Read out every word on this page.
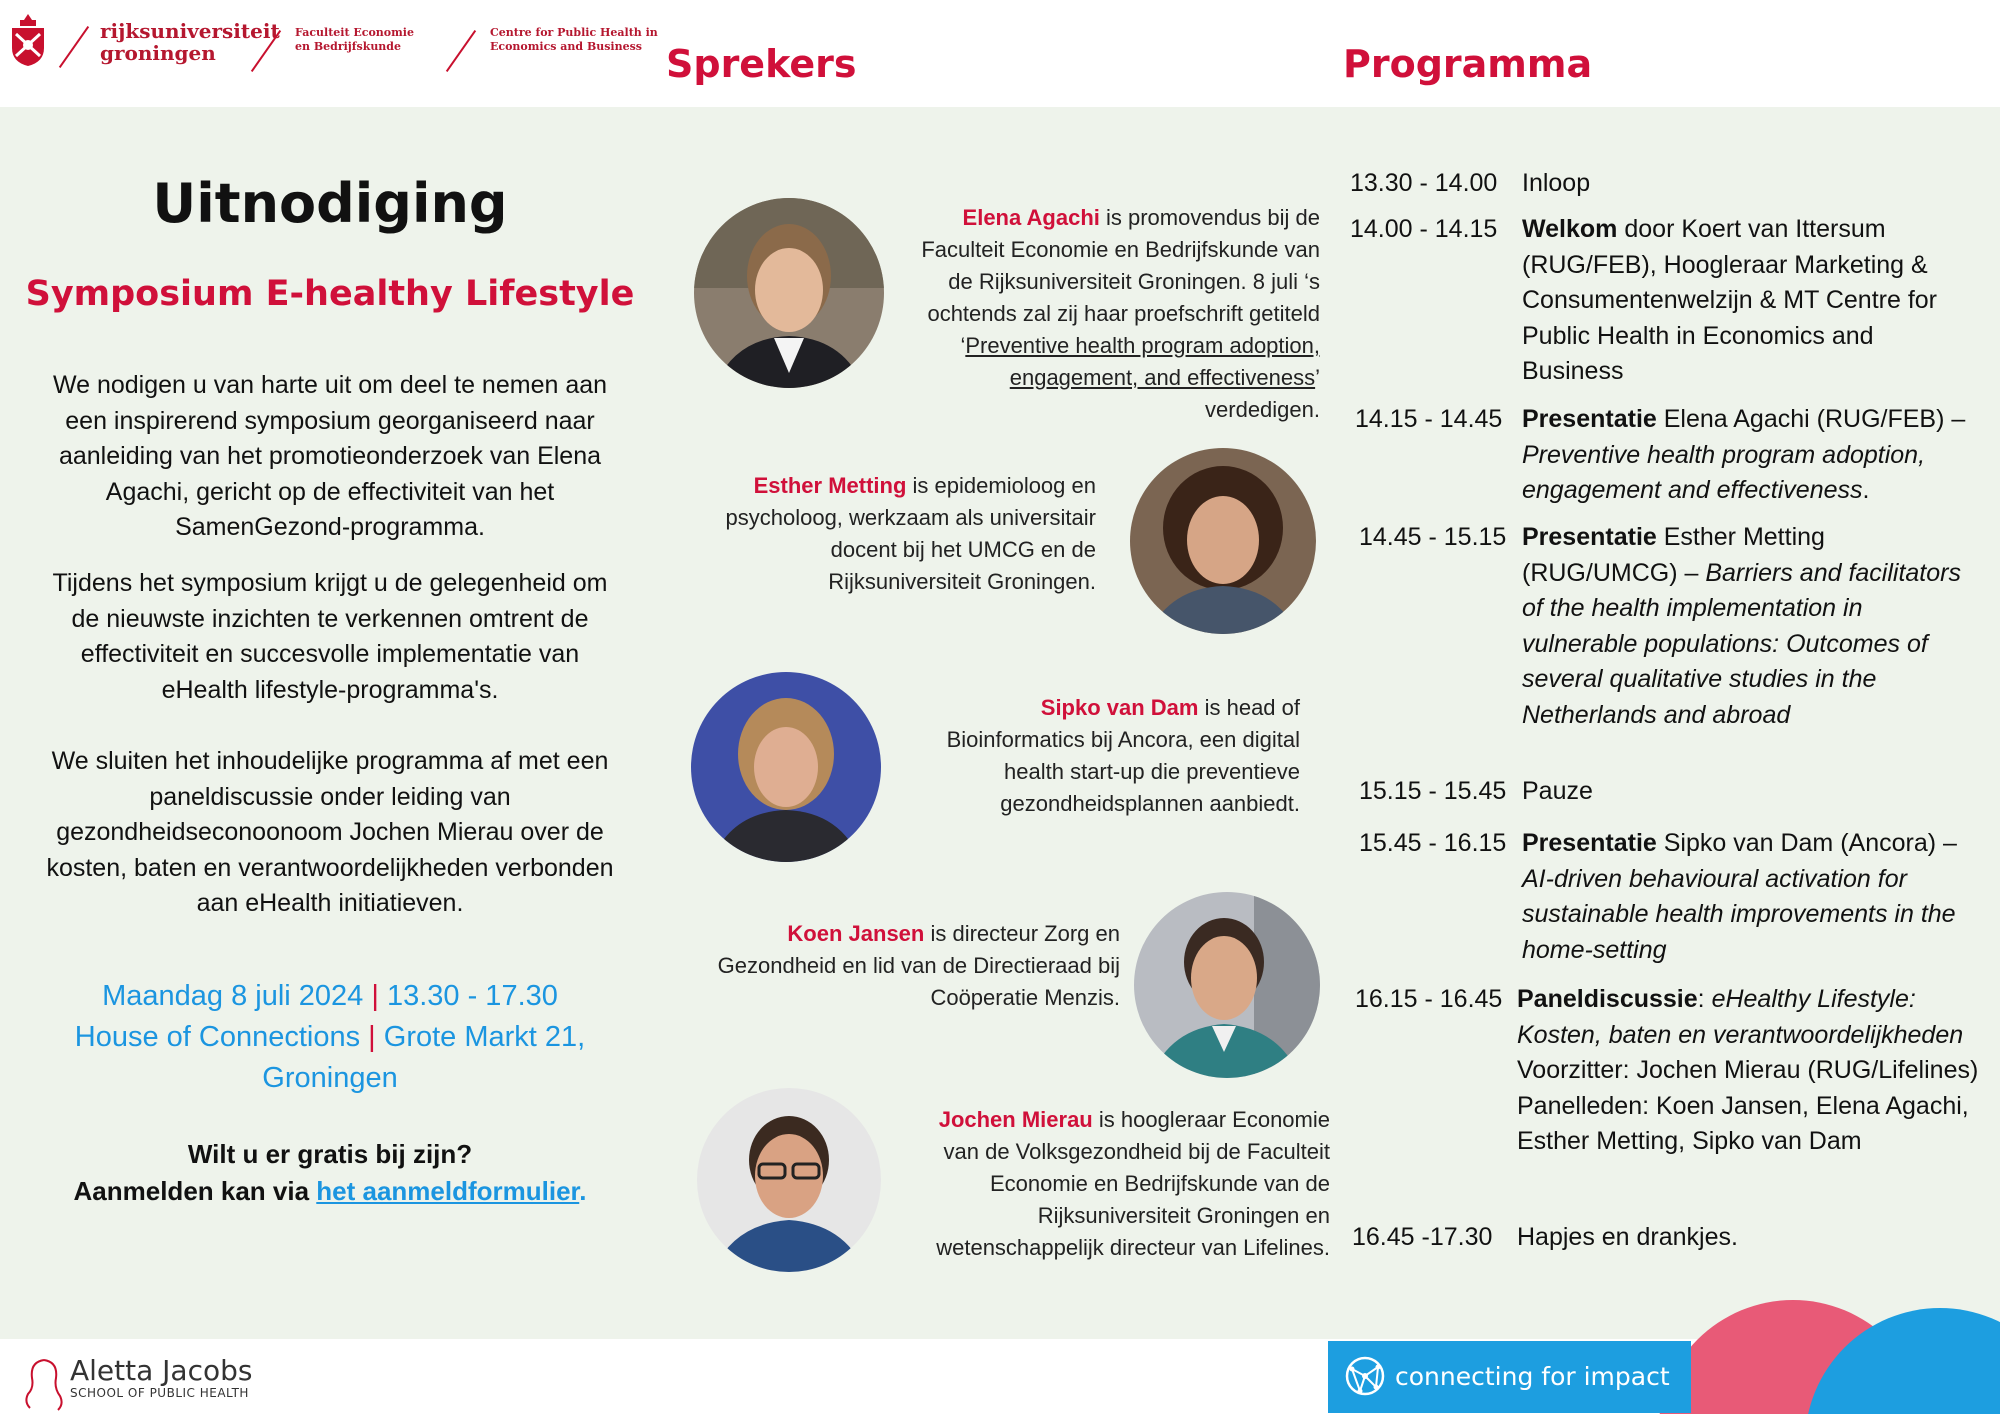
rijksuniversiteit
groningen
Faculteit Economie
en Bedrijfskunde
Centre for Public Health in
Economics and Business Sprekers	Programma
Uitnodiging
Symposium E-healthy Lifestyle
We nodigen u van harte uit om deel te nemen aan een inspirerend symposium georganiseerd naar aanleiding van het promotieonderzoek van Elena Agachi, gericht op de effectiviteit van het SamenGezond-programma.
Tijdens het symposium krijgt u de gelegenheid om de nieuwste inzichten te verkennen omtrent de effectiviteit en succesvolle implementatie van eHealth lifestyle-programma's.
We sluiten het inhoudelijke programma af met een paneldiscussie onder leiding van gezondheidseconoonoom Jochen Mierau over de kosten, baten en verantwoordelijkheden verbonden aan eHealth initiatieven.
Maandag 8 juli 2024 | 13.30 - 17.30
House of Connections | Grote Markt 21,
Groningen
Wilt u er gratis bij zijn?
Aanmelden kan via het aanmeldformulier.
Elena Agachi is promovendus bij de Faculteit Economie en Bedrijfskunde van de Rijksuniversiteit Groningen. 8 juli ‘s ochtends zal zij haar proefschrift getiteld ‘Preventive health program adoption, engagement, and effectiveness’ verdedigen.
Esther Metting is epidemioloog en psycholoog, werkzaam als universitair docent bij het UMCG en de Rijksuniversiteit Groningen.
Sipko van Dam is head of Bioinformatics bij Ancora, een digital health start-up die preventieve gezondheidsplannen aanbiedt.
Koen Jansen is directeur Zorg en Gezondheid en lid van de Directieraad bij Coöperatie Menzis.
Jochen Mierau is hoogleraar Economie van de Volksgezondheid bij de Faculteit Economie en Bedrijfskunde van de Rijksuniversiteit Groningen en wetenschappelijk directeur van Lifelines.
13.30 - 14.00 Inloop
14.00 - 14.15 Welkom door Koert van Ittersum (RUG/FEB), Hoogleraar Marketing & Consumentenwelzijn & MT Centre for Public Health in Economics and Business
14.15 - 14.45 Presentatie Elena Agachi (RUG/FEB) – Preventive health program adoption, engagement and effectiveness.
14.45 - 15.15 Presentatie Esther Metting (RUG/UMCG) – Barriers and facilitators of the health implementation in vulnerable populations: Outcomes of several qualitative studies in the Netherlands and abroad
15.15 - 15.45 Pauze
15.45 - 16.15 Presentatie Sipko van Dam (Ancora) – AI-driven behavioural activation for sustainable health improvements in the home-setting
16.15 - 16.45 Paneldiscussie: eHealthy Lifestyle: Kosten, baten en verantwoordelijkheden
Voorzitter: Jochen Mierau (RUG/Lifelines)
Panelleden: Koen Jansen, Elena Agachi, Esther Metting, Sipko van Dam
16.45 -17.30 Hapjes en drankjes.
Aletta Jacobs
SCHOOL OF PUBLIC HEALTH
connecting for impact
